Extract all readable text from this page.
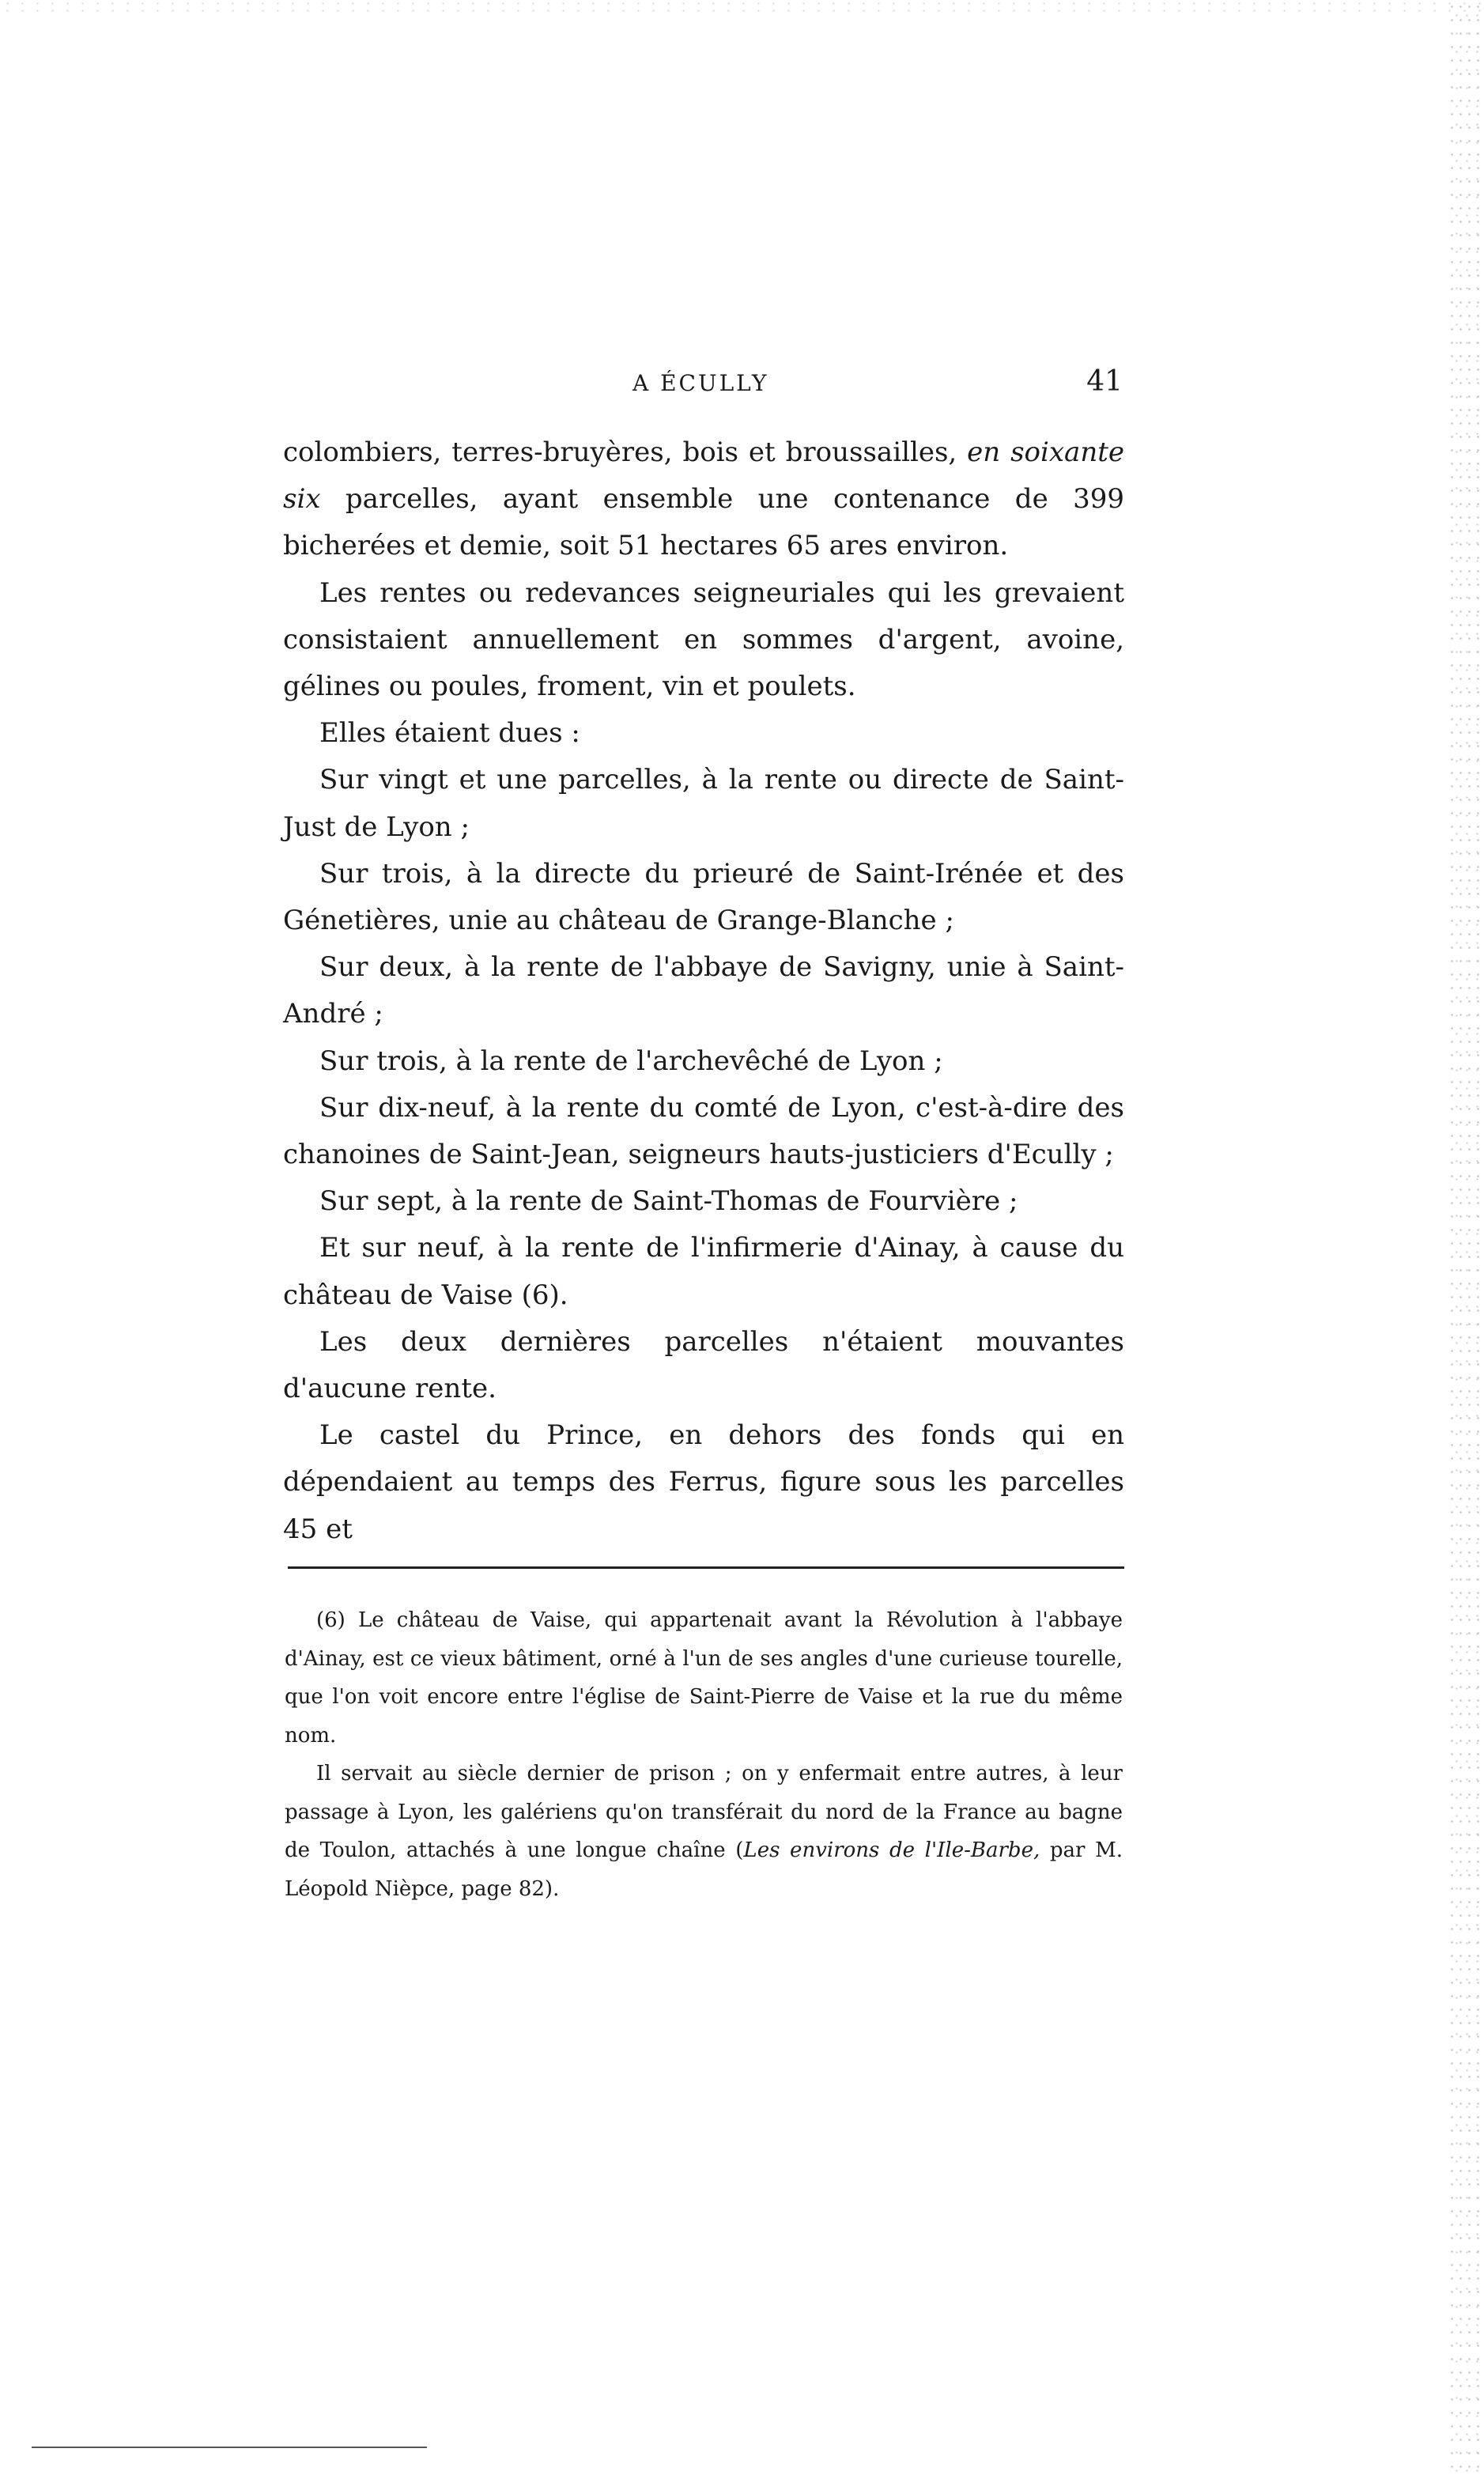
A ÉCULLY	41

colombiers, terres-bruyères, bois et broussailles, en soixante six parcelles, ayant ensemble une contenance de 399 bicherées et demie, soit 51 hectares 65 ares environ.

Les rentes ou redevances seigneuriales qui les grevaient consistaient annuellement en sommes d'argent, avoine, gélines ou poules, froment, vin et poulets.

Elles étaient dues :

Sur vingt et une parcelles, à la rente ou directe de Saint-Just de Lyon ;

Sur trois, à la directe du prieuré de Saint-Irénée et des Génetières, unie au château de Grange-Blanche ;

Sur deux, à la rente de l'abbaye de Savigny, unie à Saint-André ;

Sur trois, à la rente de l'archevêché de Lyon ;

Sur dix-neuf, à la rente du comté de Lyon, c'est-à-dire des chanoines de Saint-Jean, seigneurs hauts-justiciers d'Ecully ;

Sur sept, à la rente de Saint-Thomas de Fourvière ;

Et sur neuf, à la rente de l'infirmerie d'Ainay, à cause du château de Vaise (6).

Les deux dernières parcelles n'étaient mouvantes d'aucune rente.

Le castel du Prince, en dehors des fonds qui en dépendaient au temps des Ferrus, figure sous les parcelles 45 et

(6) Le château de Vaise, qui appartenait avant la Révolution à l'abbaye d'Ainay, est ce vieux bâtiment, orné à l'un de ses angles d'une curieuse tourelle, que l'on voit encore entre l'église de Saint-Pierre de Vaise et la rue du même nom.

Il servait au siècle dernier de prison ; on y enfermait entre autres, à leur passage à Lyon, les galériens qu'on transférait du nord de la France au bagne de Toulon, attachés à une longue chaîne (Les environs de l'Ile-Barbe, par M. Léopold Nièpce, page 82).
